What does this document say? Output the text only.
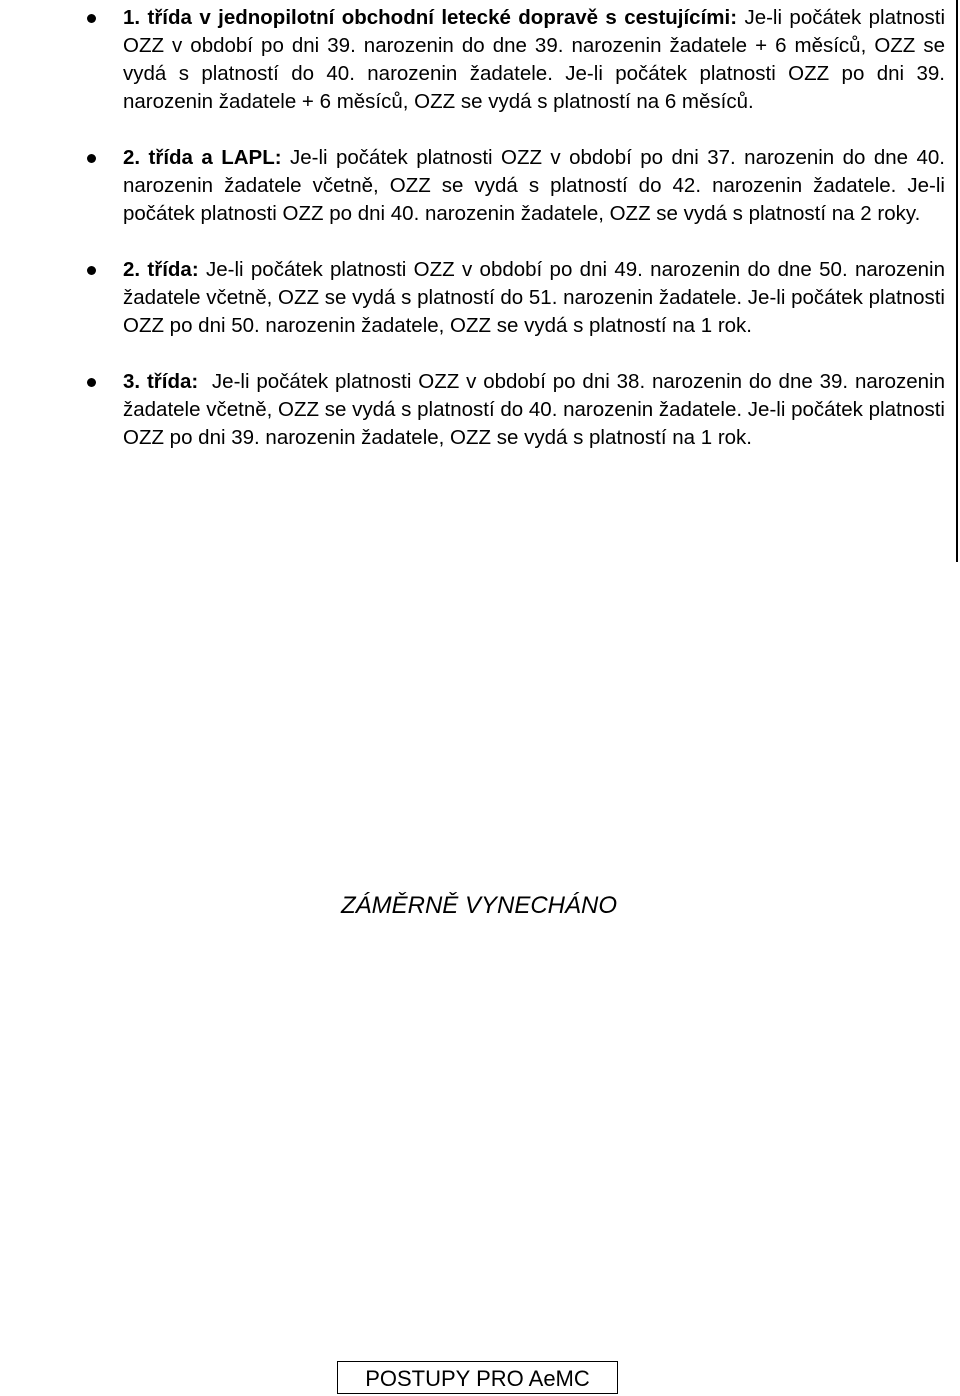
1. třída v jednopilotní obchodní letecké dopravě s cestujícími: Je-li počátek platnosti OZZ v období po dni 39. narozenin do dne 39. narozenin žadatele + 6 měsíců, OZZ se vydá s platností do 40. narozenin žadatele. Je-li počátek platnosti OZZ po dni 39. narozenin žadatele + 6 měsíců, OZZ se vydá s platností na 6 měsíců.
2. třída a LAPL: Je-li počátek platnosti OZZ v období po dni 37. narozenin do dne 40. narozenin žadatele včetně, OZZ se vydá s platností do 42. narozenin žadatele. Je-li počátek platnosti OZZ po dni 40. narozenin žadatele, OZZ se vydá s platností na 2 roky.
2. třída: Je-li počátek platnosti OZZ v období po dni 49. narozenin do dne 50. narozenin žadatele včetně, OZZ se vydá s platností do 51. narozenin žadatele. Je-li počátek platnosti OZZ po dni 50. narozenin žadatele, OZZ se vydá s platností na 1 rok.
3. třída:  Je-li počátek platnosti OZZ v období po dni 38. narozenin do dne 39. narozenin žadatele včetně, OZZ se vydá s platností do 40. narozenin žadatele. Je-li počátek platnosti OZZ po dni 39. narozenin žadatele, OZZ se vydá s platností na 1 rok.
ZÁMĚRNĚ VYNECHÁNO
POSTUPY PRO AeMC
